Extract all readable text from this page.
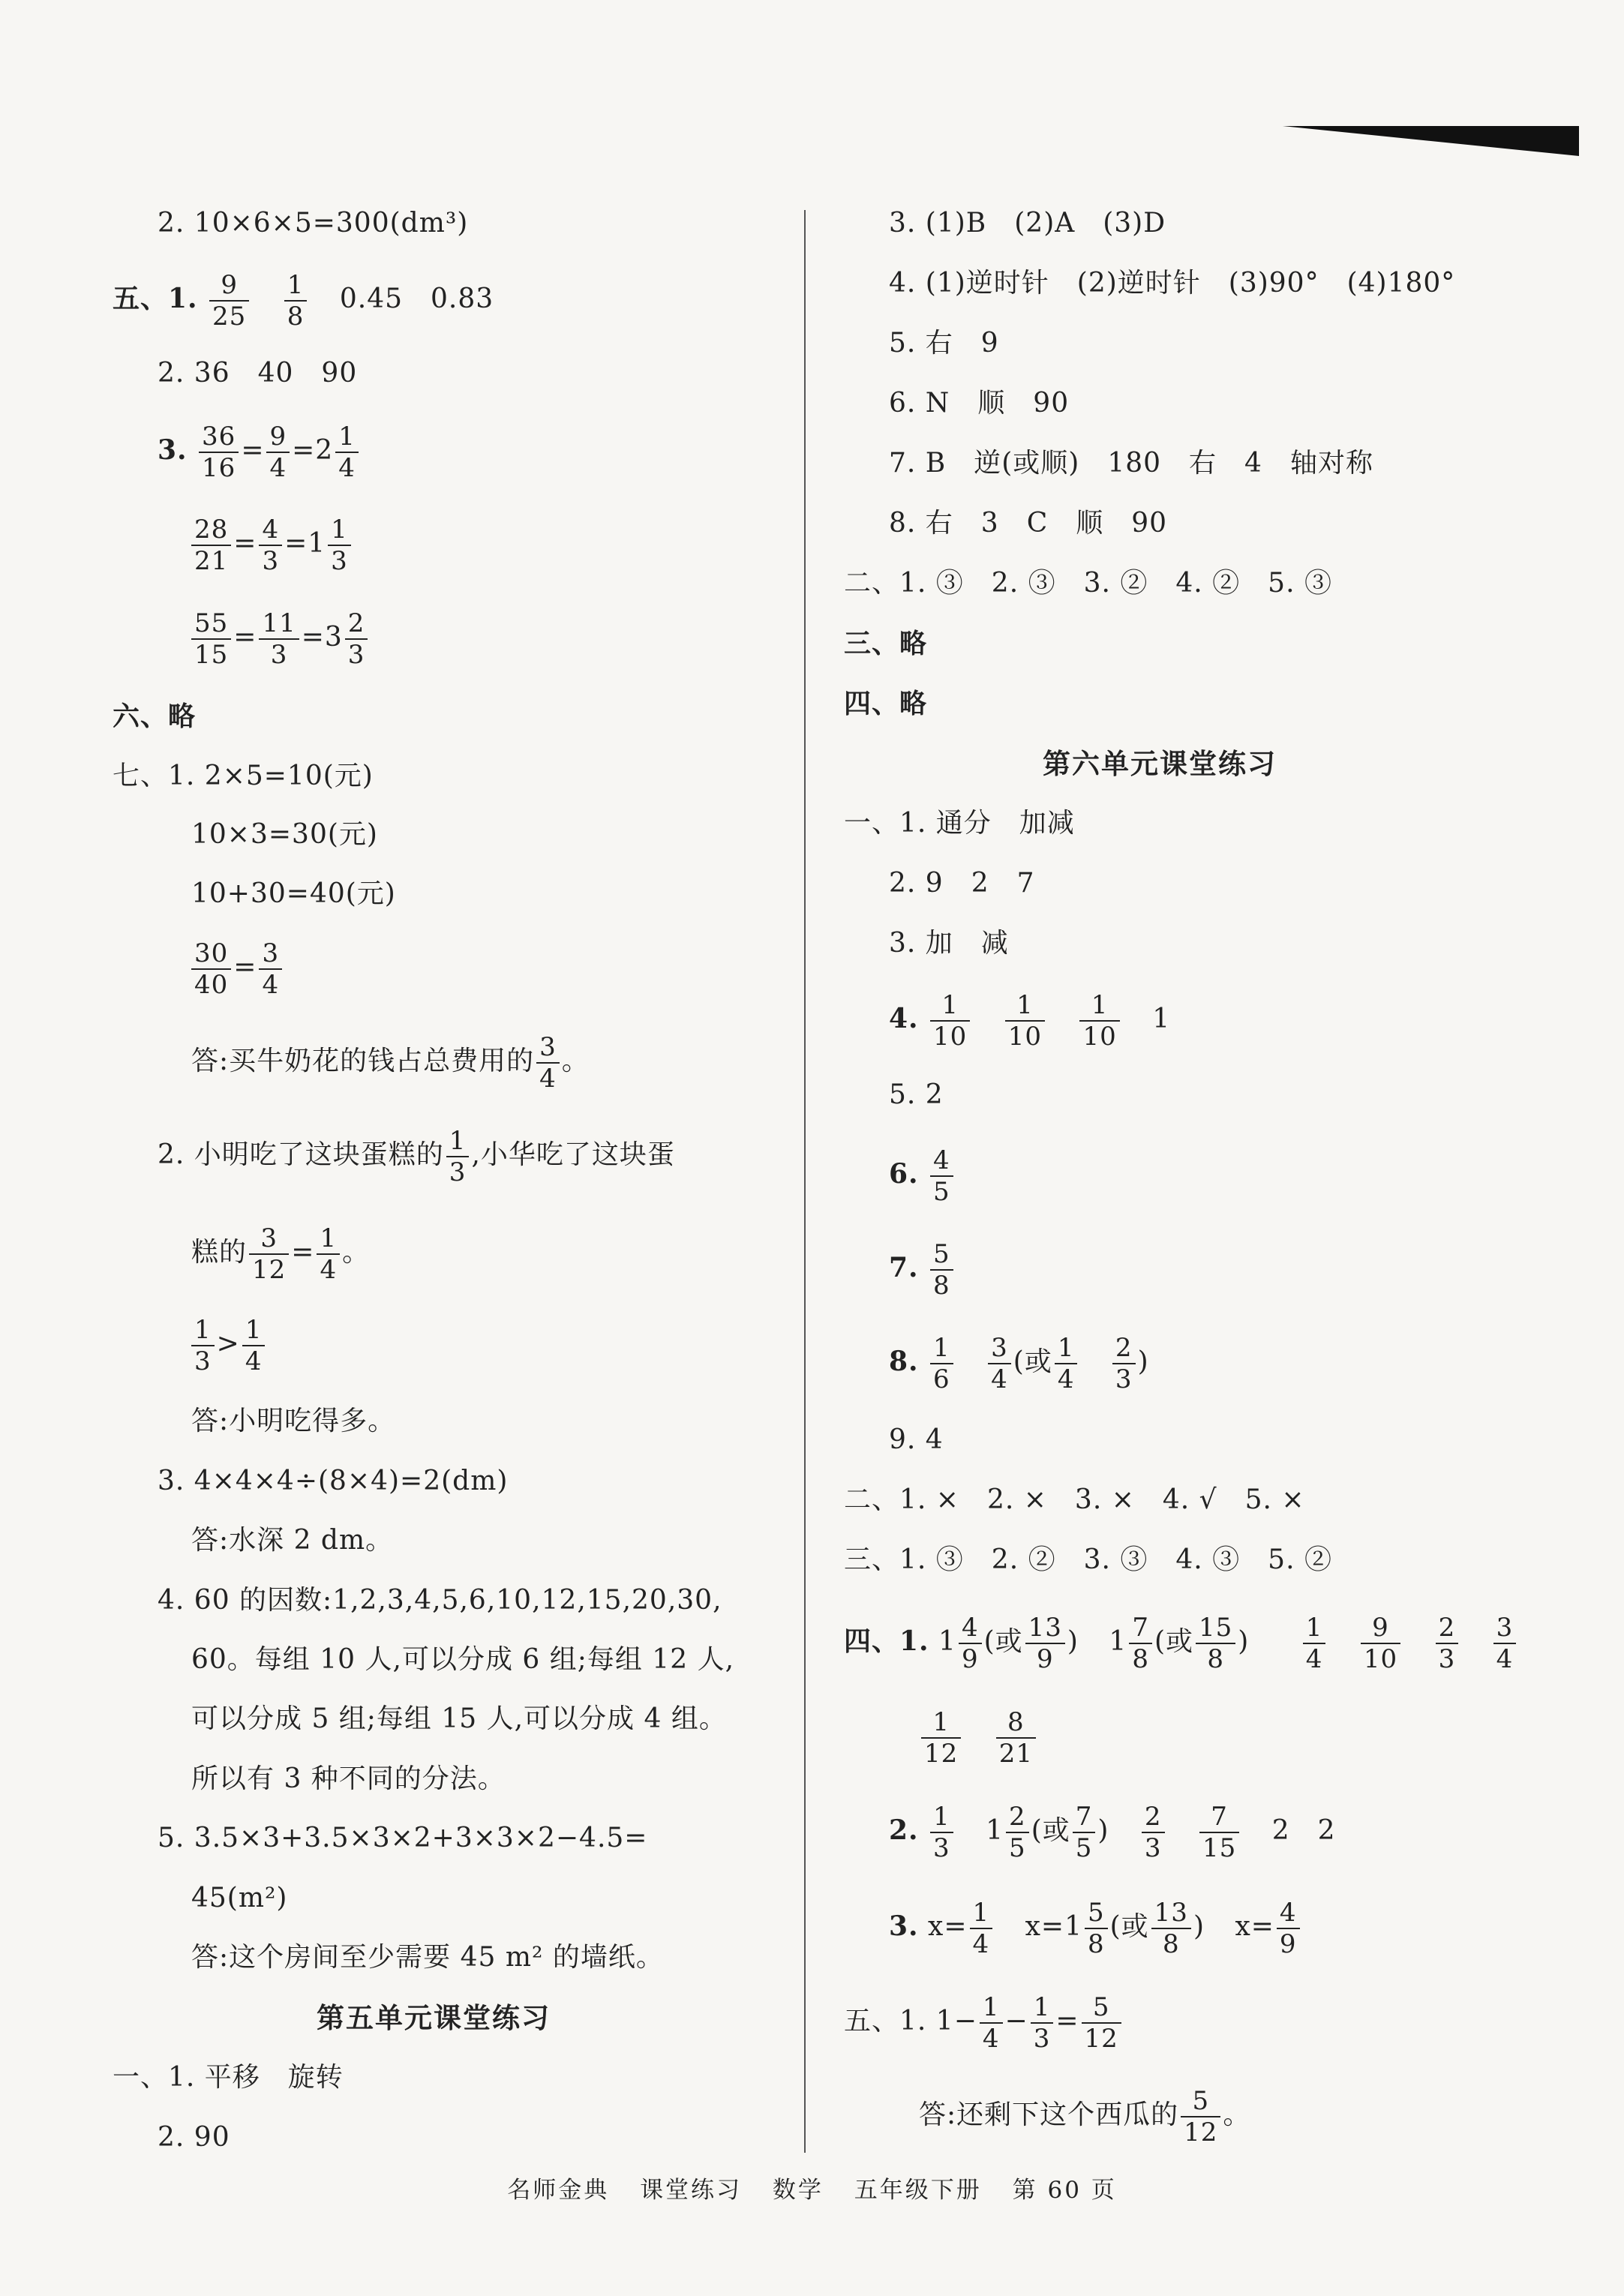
2. 10×6×5=300(dm³)
五、1. $\frac{9}{25}$
$\frac{1}{8} 0.45$　0.83
2. 36　40　90
3. $\frac{36}{16} = \frac{9}{4} =2 \frac{1}{4}$
$\frac{28}{21} = \frac{4}{3} =1 \frac{1}{3}$
$\frac{55}{15} = \frac{11}{3} =3 \frac{2}{3}$
六、略
七、1. 2×5=10(元)
10×3=30(元)
10+30=40(元)
$\frac{30}{40} = \frac{3}{4}$
答:买牛奶花的钱占总费用的 $\frac{3}{4}$ 。
2. 小明吃了这块蛋糕的 $\frac{1}{3}$ ,小华吃了这块蛋
糕的 $\frac{3}{12} = \frac{1}{4}$ 。
$\frac{1}{3} > \frac{1}{4}$
答:小明吃得多。
3. 4×4×4÷(8×4)=2(dm)
答:水深 2 dm。
4. 60 的因数:1,2,3,4,5,6,10,12,15,20,30,
60。每组 10 人,可以分成 6 组;每组 12 人,
可以分成 5 组;每组 15 人,可以分成 4 组。
所以有 3 种不同的分法。
5. 3.5×3+3.5×3×2+3×3×2−4.5=
45(m²)
答:这个房间至少需要 45 m² 的墙纸。
第五单元课堂练习
一、1. 平移　旋转
2. 90
3. (1)B　(2)A　(3)D
4. (1)逆时针　(2)逆时针　(3)90°　(4)180°
5. 右　9
6. N　顺　90
7. B　逆(或顺)　180　右　4　轴对称
8. 右　3　C　顺　90
二、1. ③　2. ③　3. ②　4. ②　5. ③
三、略
四、略
第六单元课堂练习
一、1. 通分　加减
2. 9　2　7
3. 加　减
4. $\frac{1}{10}$
$\frac{1}{10}$
$\frac{1}{10} 1$
5. 2
6. $\frac{4}{5}$
7. $\frac{5}{8}$
8. $\frac{1}{6}$
$\frac{3}{4}$ (或 $\frac{1}{4}$
$\frac{2}{3}$ )
9. 4
二、1. ×　2. ×　3. ×　4. √　5. ×
三、1. ③　2. ②　3. ③　4. ③　5. ②
四、1. $1 \frac{4}{9}$ (或 $\frac{13}{9}$ ) $1 \frac{7}{8}$ (或 $\frac{15}{8}$ ) $\frac{1}{4}$
$\frac{9}{10}$
$\frac{2}{3}$
$\frac{3}{4}$
$\frac{1}{12}$
$\frac{8}{21}$
2. $\frac{1}{3} 1 \frac{2}{5}$ (或 $\frac{7}{5}$ ) $\frac{2}{3}$
$\frac{7}{15} 2$　2
3. $x= \frac{1}{4} x=1 \frac{5}{8}$ (或 $\frac{13}{8}$ ) $x= \frac{4}{9}$
五、1. $1- \frac{1}{4} - \frac{1}{3} = \frac{5}{12}$
答:还剩下这个西瓜的 $\frac{5}{12}$ 。
名师金典 课堂练习 数学 五年级下册 第 60 页
